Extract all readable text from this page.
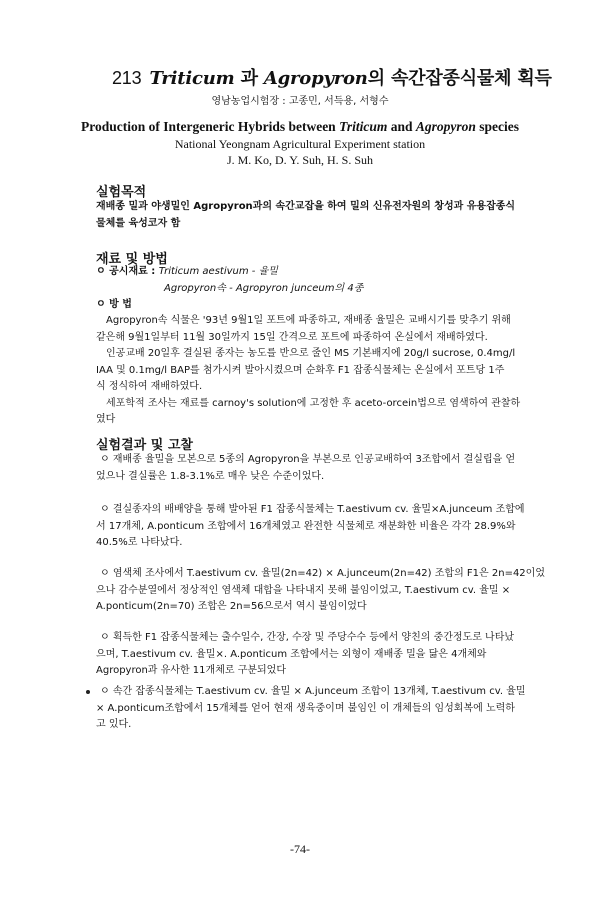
213 Triticum 과 Agropyron의 속간잡종식물체 획득
영남농업시험장 : 고종민, 서득용, 서형수
Production of Intergeneric Hybrids between Triticum and Agropyron species
National Yeongnam Agricultural Experiment station
J. M. Ko, D. Y. Suh, H. S. Suh
실험목적
재배종 밀과 야생밀인 Agropyron과의 속간교잡을 하여 밀의 신유전자원의 창성과 유용잡종식
물체를 육성코자 함
재료 및 방법
ㅇ 공시재료 : Triticum aestivum - 율밀
Agropyron속 - Agropyron juncеum의 4종
ㅇ 방 법
Agropyron속 식물은 '93년 9월1일 포트에 파종하고, 재배종 율밀은 교배시기를 맞추기 위해
같은해 9월1일부터 11월 30일까지 15일 간격으로 포트에 파종하여 온실에서 재배하였다.
인공교배 20일후 결실된 종자는 농도를 반으로 줄인 MS 기본배지에 20g/l sucrose, 0.4mg/l
IAA 및 0.1mg/l BAP를 첨가시켜 발아시켰으며 순화후 F1 잡종식물체는 온실에서 포트당 1주
식 정식하여 재배하였다.
세포학적 조사는 재료를 carnoy's solution에 고정한 후 aceto-orcein법으로 염색하여 관찰하
였다
실험결과 및 고찰
ㅇ 재배종 율밀을 모본으로 5종의 Agropyron을 부본으로 인공교배하여 3조합에서 결실립을 얻
었으나 결실률은 1.8-3.1%로 매우 낮은 수준이었다.
ㅇ 결실종자의 배배양을 통해 발아된 F1 잡종식물체는 T.aestivum cv. 율밀×A.junceum 조합에
서 17개체, A.ponticum 조합에서 16개체였고 완전한 식물체로 재분화한 비율은 각각 28.9%와
40.5%로 나타났다.
ㅇ 염색체 조사에서 T.aestivum cv. 율밀(2n=42) × A.junceum(2n=42) 조합의 F1은 2n=42이었
으나 감수분열에서 정상적인 염색체 대합을 나타내지 못해 불임이었고, T.aestivum cv. 율밀 ×
A.ponticum(2n=70) 조합은 2n=56으로서 역시 불임이었다
ㅇ 획득한 F1 잡종식물체는 출수일수, 간장, 수장 및 주당수수 등에서 양친의 중간정도로 나타났
으며, T.aestivum cv. 율밀×. A.ponticum 조합에서는 외형이 재배종 밀을 닮은 4개체와
Agropyron과 유사한 11개체로 구분되었다
ㅇ 속간 잡종식물체는 T.aestivum cv. 율밀 × A.junceum 조합이 13개체, T.aestivum cv. 율밀
× A.ponticum조합에서 15개체를 얻어 현재 생육중이며 불임인 이 개체들의 임성회복에 노력하
고 있다.
-74-
